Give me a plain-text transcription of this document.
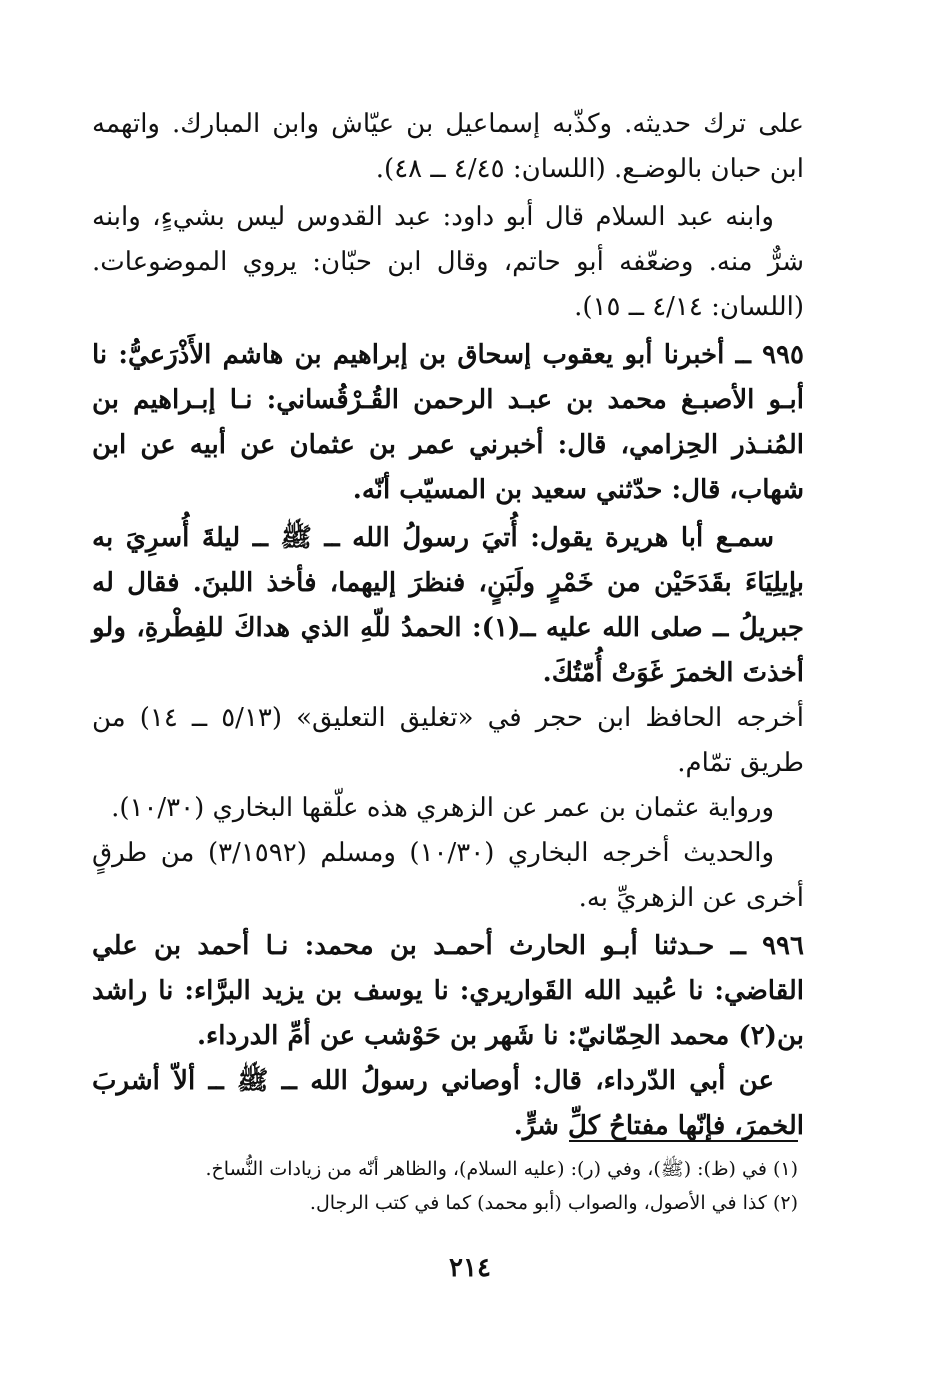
على ترك حديثه. وكذّبه إسماعيل بن عيّاش وابن المبارك. واتهمه ابن حبان بالوضـع. (اللسان: ٤/٤٥ ــ ٤٨).

وابنه عبد السلام قال أبو داود: عبد القدوس ليس بشيءٍ، وابنه شرٌّ منه. وضعّفه أبو حاتم، وقال ابن حبّان: يروي الموضوعات. (اللسان: ٤/١٤ ــ ١٥).

٩٩٥ ــ أخبرنا أبو يعقوب إسحاق بن إبراهيم بن هاشم الأَذْرَعيُّ: نا أبـو الأصبـغ محمد بن عبـد الرحمن القُـرْقُساني: نـا إبـراهيم بن المُنـذر الحِزامي، قال: أخبرني عمر بن عثمان عن أبيه عن ابن شهاب، قال: حدّثني سعيد بن المسيّب أنّه.

سمـع أبا هريرة يقول: أُتيَ رسولُ الله ــ ﷺ ــ ليلةَ أُسرِيَ به بإيلِيَاءَ بقَدَحَيْن من خَمْرٍ ولَبَنٍ، فنظرَ إليهما، فأخذ اللبنَ. فقال له جبريلُ ــ صلى الله عليه ــ(١): الحمدُ للّهِ الذي هداكَ للفِطْرةِ، ولو أخذتَ الخمرَ غَوَتْ أُمّتُكَ.

أخرجه الحافظ ابن حجر في «تغليق التعليق» (٥/١٣ ــ ١٤) من طريق تمّام.

ورواية عثمان بن عمر عن الزهري هذه علّقها البخاري (١٠/٣٠).

والحديث أخرجه البخاري (١٠/٣٠) ومسلم (٣/١٥٩٢) من طرقٍ أخرى عن الزهريِّ به.

٩٩٦ ــ حـدثنا أبـو الحارث أحمـد بن محمد: نـا أحمد بن علي القاضي: نا عُبيد الله القَواريري: نا يوسف بن يزيد البرَّاء: نا راشد بن(٢) محمد الحِمّانيّ: نا شَهر بن حَوْشب عن أمِّ الدرداء.

عن أبي الدّرداء، قال: أوصاني رسولُ الله ــ ﷺ ــ ألاّ أشربَ الخمرَ، فإنّها مفتاحُ كلِّ شرٍّ.

(١) في (ظ): (ﷺ)، وفي (ر): (عليه السلام)، والظاهر أنّه من زيادات النُّساخ.

(٢) كذا في الأصول، والصواب (أبو محمد) كما في كتب الرجال.

٢١٤
